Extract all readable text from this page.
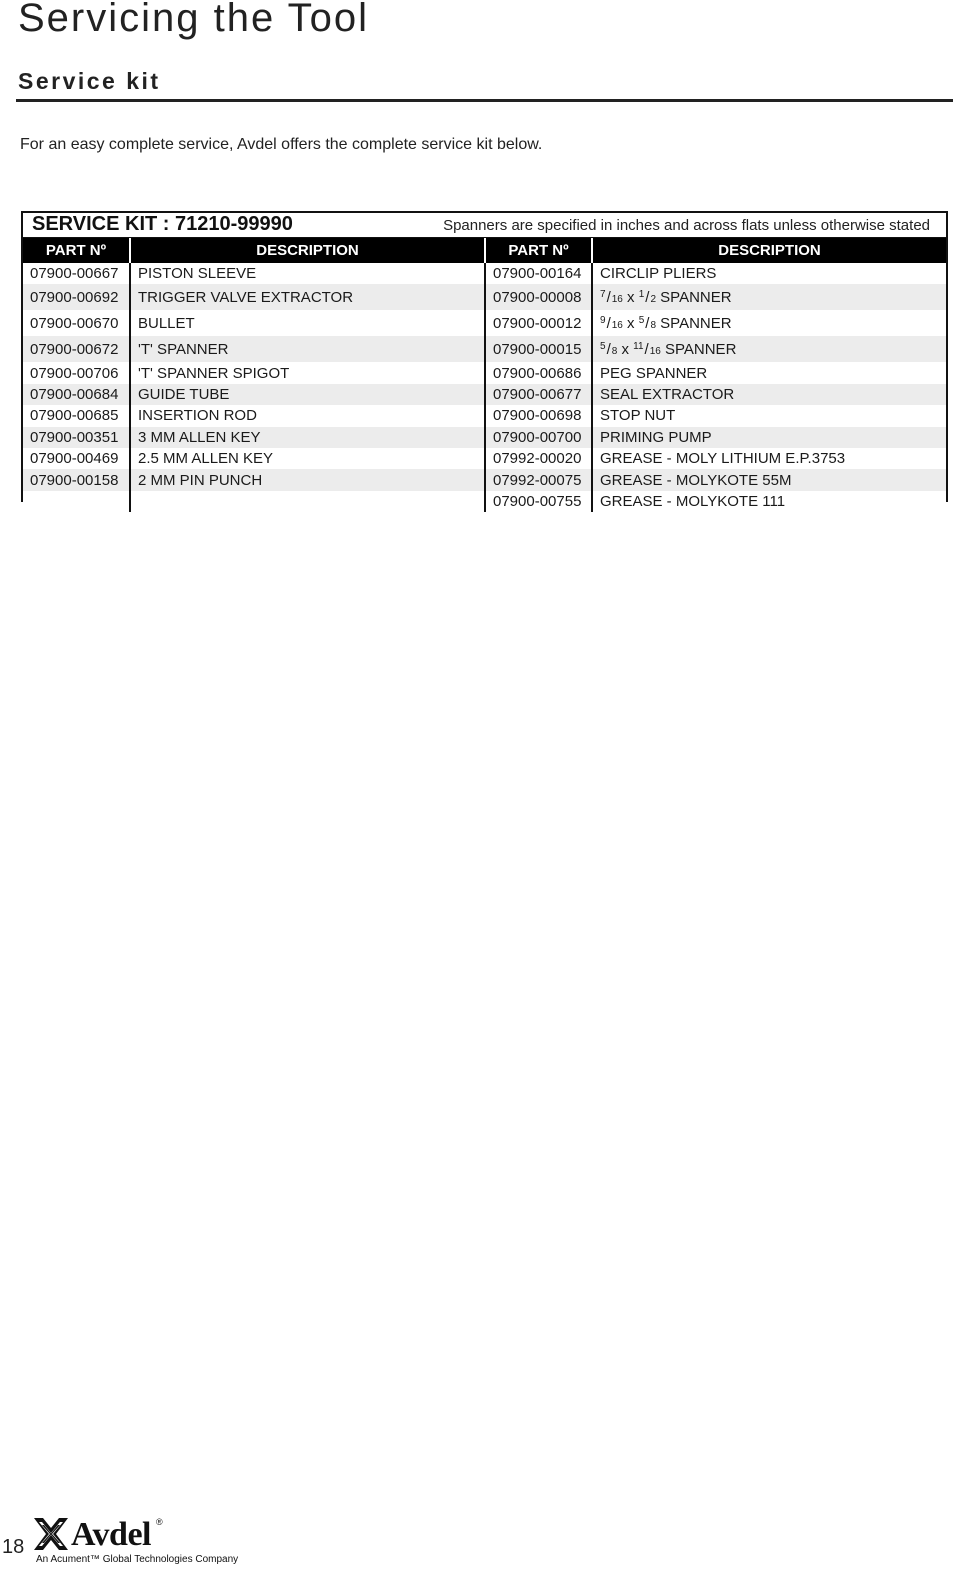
Servicing the Tool
Service kit
For an easy complete service, Avdel offers the complete service kit below.
SERVICE KIT : 71210-99990	Spanners are specified in inches and across flats unless otherwise stated
PART Nº	DESCRIPTION	PART Nº	DESCRIPTION
07900-00667	PISTON SLEEVE	07900-00164	CIRCLIP PLIERS
07900-00692	TRIGGER VALVE EXTRACTOR	07900-00008	$^7$/16 x $^1$/2 SPANNER
07900-00670	BULLET	07900-00012	$^9$/16 x $^5$/8 SPANNER
07900-00672	'T' SPANNER	07900-00015	$^5$/8 x $^{11}$/16 SPANNER
07900-00706	'T' SPANNER SPIGOT	07900-00686	PEG SPANNER
07900-00684	GUIDE TUBE	07900-00677	SEAL EXTRACTOR
07900-00685	INSERTION ROD	07900-00698	STOP NUT
07900-00351	3 MM ALLEN KEY	07900-00700	PRIMING PUMP
07900-00469	2.5 MM ALLEN KEY	07992-00020	GREASE - MOLY LITHIUM E.P.3753
07900-00158	2 MM PIN PUNCH	07992-00075	GREASE - MOLYKOTE 55M
		07900-00755	GREASE - MOLYKOTE 111
18 Avdel ®
An Acument™ Global Technologies Company
